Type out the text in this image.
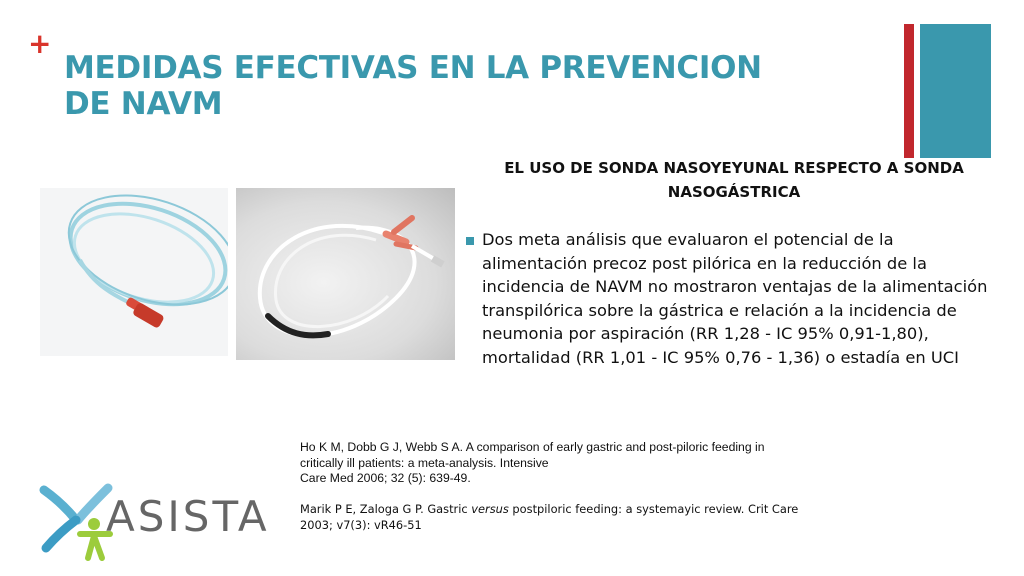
+
MEDIDAS EFECTIVAS EN LA PREVENCION
DE NAVM
EL USO DE SONDA NASOYEYUNAL RESPECTO A SONDA
NASOGÁSTRICA
Dos meta análisis que evaluaron el potencial de la alimentación precoz post pilórica en la reducción de la incidencia de NAVM no mostraron ventajas de la alimentación transpilórica sobre la gástrica e relación a la incidencia de neumonia por aspiración (RR 1,28 - IC 95% 0,91-1,80), mortalidad (RR 1,01 - IC 95% 0,76 - 1,36) o estadía en UCI
Ho K M, Dobb G J, Webb S A. A comparison of early gastric and post-piloric feeding in
critically ill patients: a meta-analysis. Intensive
Care Med 2006; 32 (5): 639-49.
Marik P E, Zaloga G P. Gastric versus postpiloric feeding: a systemayic review. Crit Care
2003; v7(3): vR46-51
ASISTA
